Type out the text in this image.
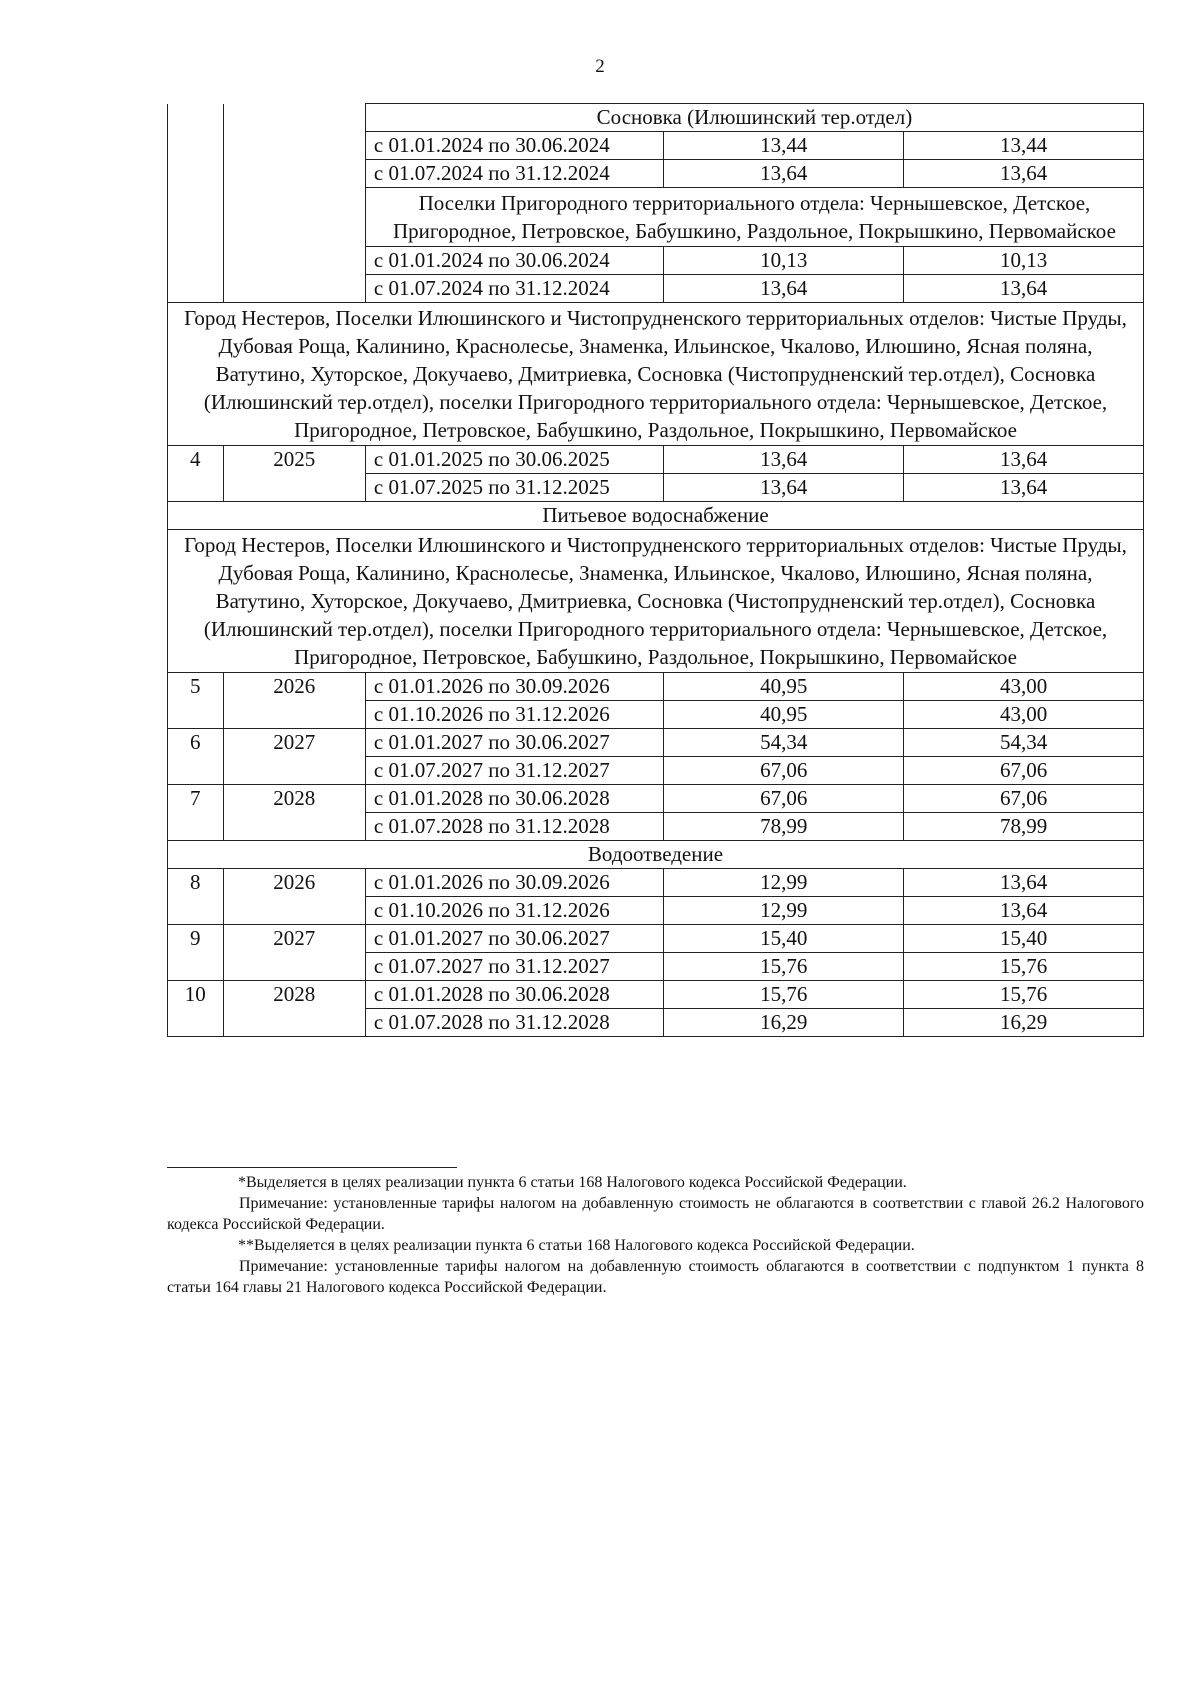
2
		Сосновка (Илюшинский тер.отдел)		
		с 01.01.2024 по 30.06.2024	13,44	13,44
		с 01.07.2024 по 31.12.2024	13,64	13,64
		Поселки Пригородного территориального отдела: Чернышевское, Детское, Пригородное, Петровское, Бабушкино, Раздольное, Покрышкино, Первомайское		
		с 01.01.2024 по 30.06.2024	10,13	10,13
		с 01.07.2024 по 31.12.2024	13,64	13,64
Город Нестеров, Поселки Илюшинского и Чистопрудненского территориальных отделов: Чистые Пруды, Дубовая Роща, Калинино, Краснолесье, Знаменка, Ильинское, Чкалово, Илюшино, Ясная поляна, Ватутино, Хуторское, Докучаево, Дмитриевка, Сосновка (Чистопрудненский тер.отдел), Сосновка (Илюшинский тер.отдел), поселки Пригородного территориального отдела: Чернышевское, Детское, Пригородное, Петровское, Бабушкино, Раздольное, Покрышкино, Первомайское				
4	2025	с 01.01.2025 по 30.06.2025	13,64	13,64
		с 01.07.2025 по 31.12.2025	13,64	13,64
Питьевое водоснабжение				
Город Нестеров, Поселки Илюшинского и Чистопрудненского территориальных отделов: Чистые Пруды, Дубовая Роща, Калинино, Краснолесье, Знаменка, Ильинское, Чкалово, Илюшино, Ясная поляна, Ватутино, Хуторское, Докучаево, Дмитриевка, Сосновка (Чистопрудненский тер.отдел), Сосновка (Илюшинский тер.отдел), поселки Пригородного территориального отдела: Чернышевское, Детское, Пригородное, Петровское, Бабушкино, Раздольное, Покрышкино, Первомайское				
5	2026	с 01.01.2026 по 30.09.2026	40,95	43,00
		с 01.10.2026 по 31.12.2026	40,95	43,00
6	2027	с 01.01.2027 по 30.06.2027	54,34	54,34
		с 01.07.2027 по 31.12.2027	67,06	67,06
7	2028	с 01.01.2028 по 30.06.2028	67,06	67,06
		с 01.07.2028 по 31.12.2028	78,99	78,99
Водоотведение				
8	2026	с 01.01.2026 по 30.09.2026	12,99	13,64
		с 01.10.2026 по 31.12.2026	12,99	13,64
9	2027	с 01.01.2027 по 30.06.2027	15,40	15,40
		с 01.07.2027 по 31.12.2027	15,76	15,76
10	2028	с 01.01.2028 по 30.06.2028	15,76	15,76
		с 01.07.2028 по 31.12.2028	16,29	16,29

*Выделяется в целях реализации пункта 6 статьи 168 Налогового кодекса Российской Федерации.

Примечание: установленные тарифы налогом на добавленную стоимость не облагаются в соответствии с главой 26.2 Налогового кодекса Российской Федерации.

**Выделяется в целях реализации пункта 6 статьи 168 Налогового кодекса Российской Федерации.

Примечание: установленные тарифы налогом на добавленную стоимость облагаются в соответствии с подпунктом 1 пункта 8 статьи 164 главы 21 Налогового кодекса Российской Федерации.
